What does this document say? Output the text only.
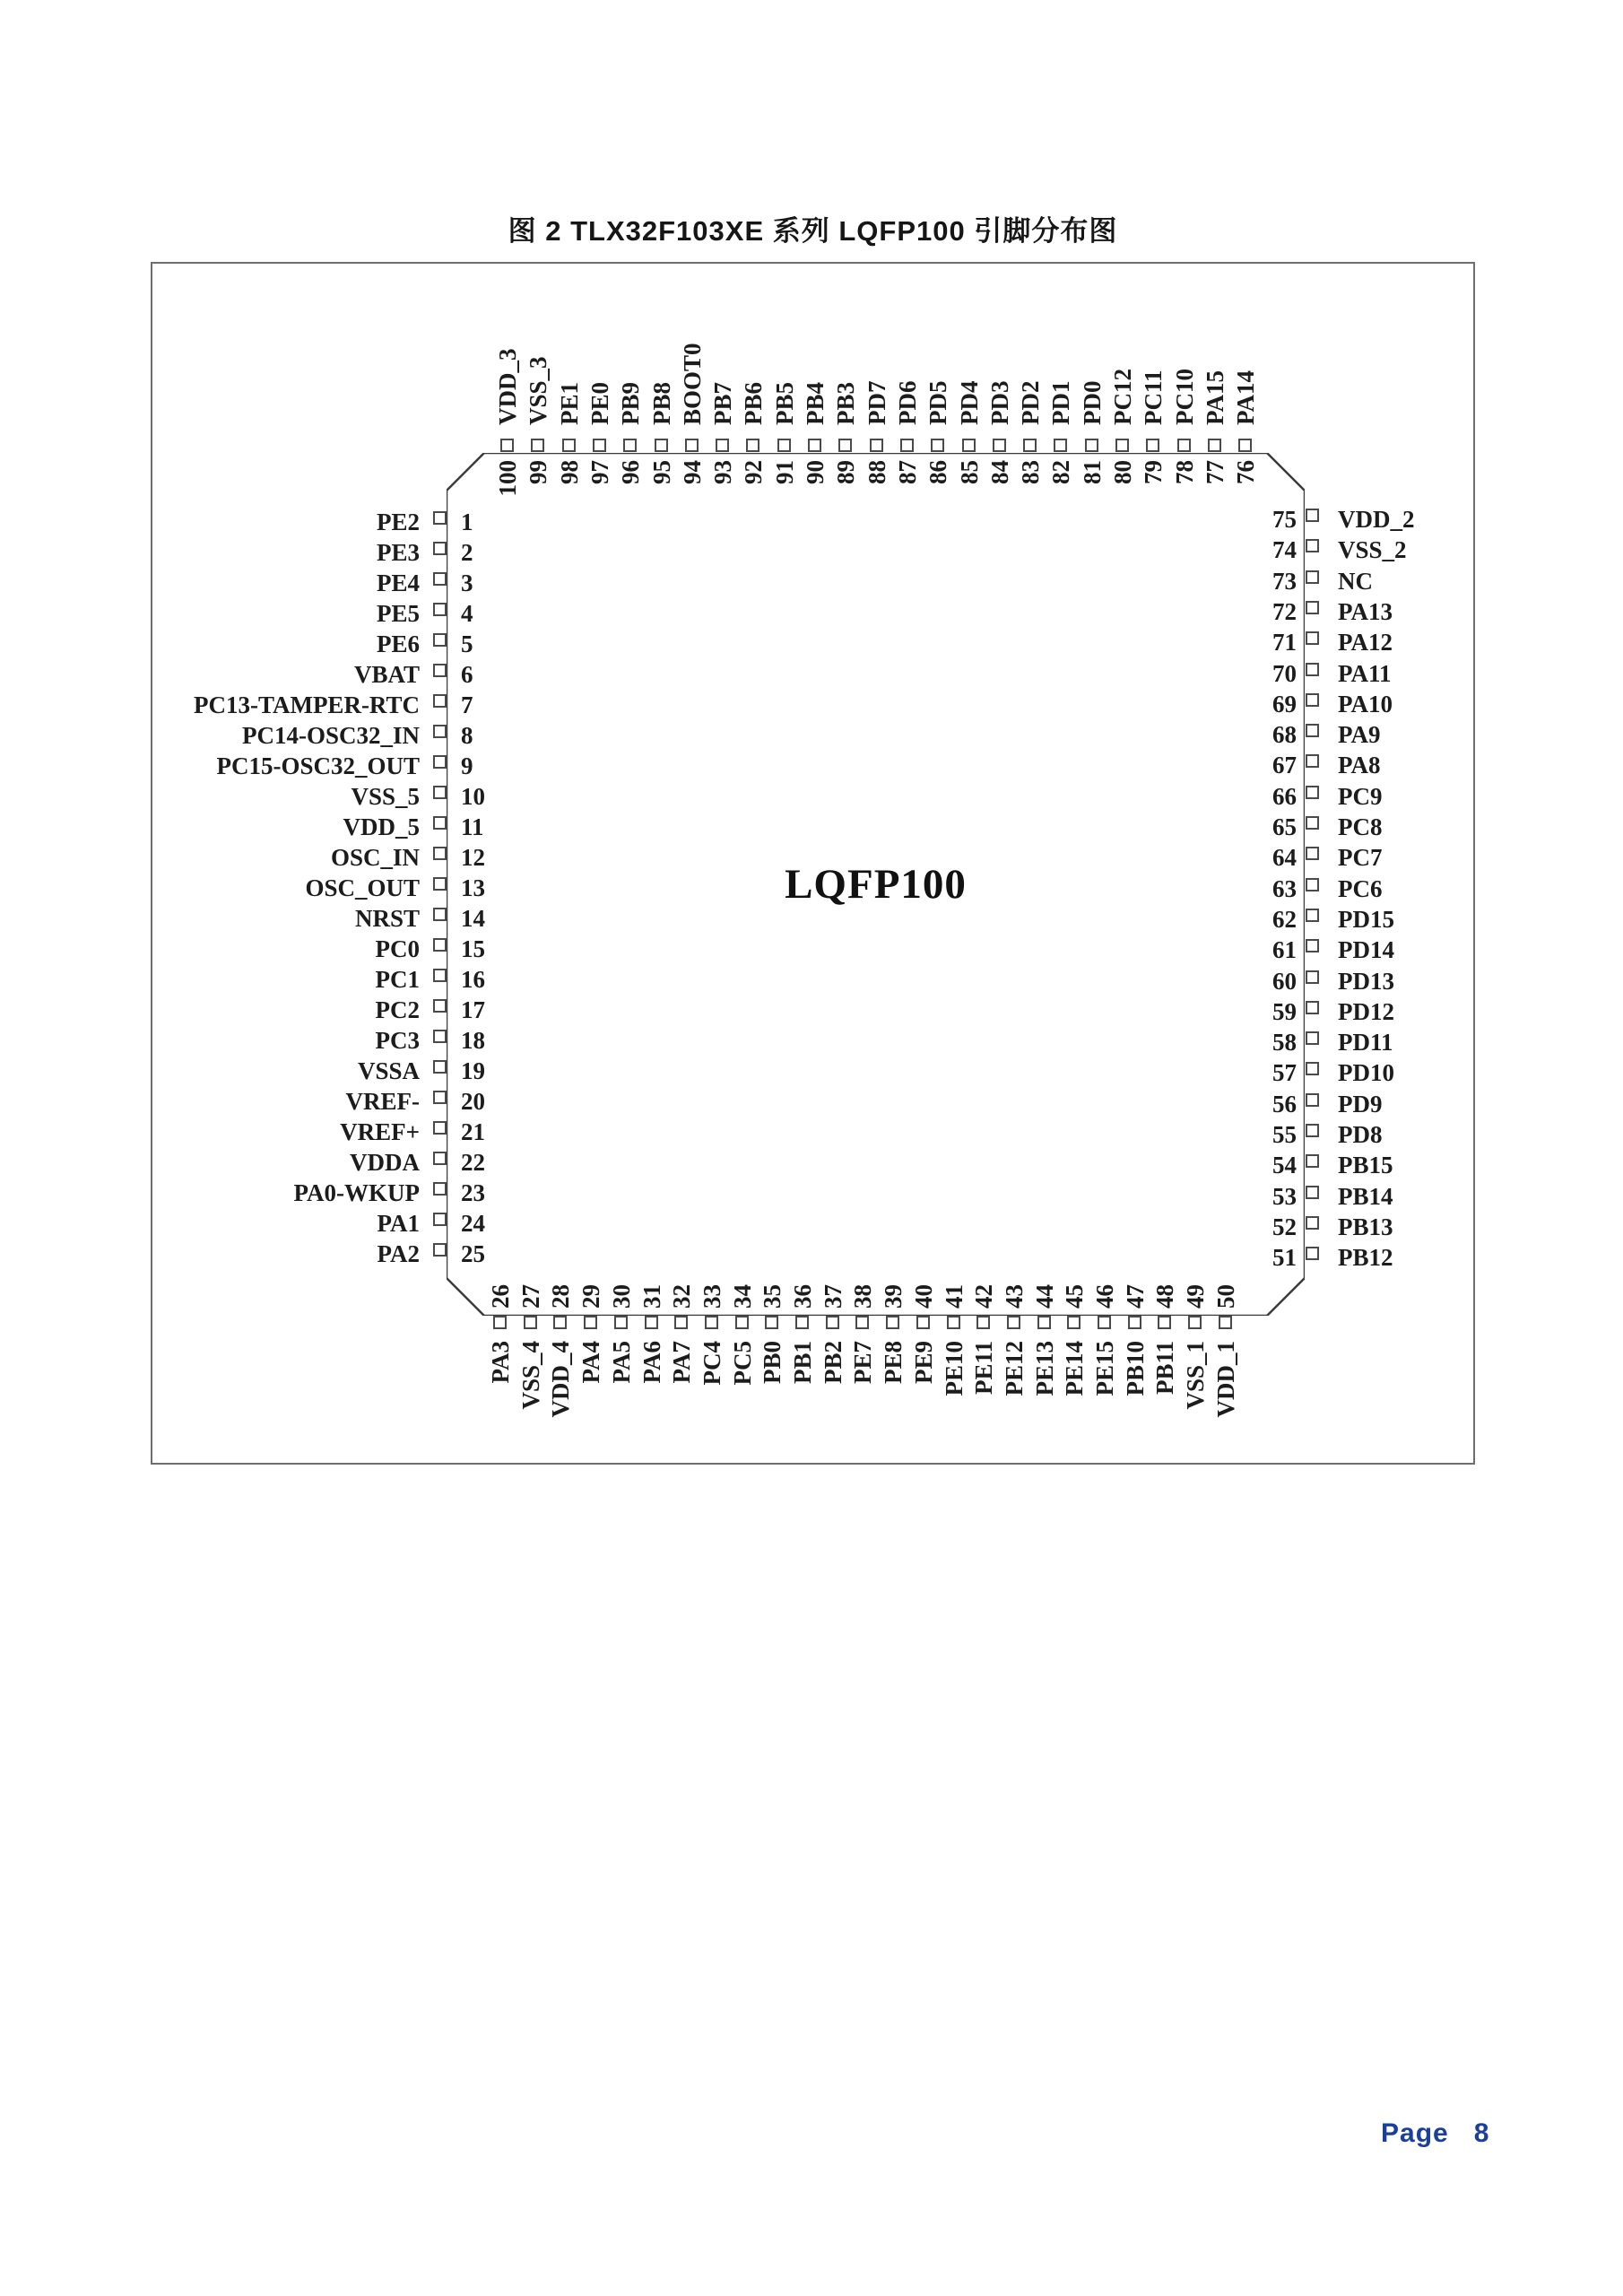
图 2 TLX32F103XE 系列 LQFP100 引脚分布图
LQFP100
100
VDD_3
99
VSS_3
98
PE1
97
PE0
96
PB9
95
PB8
94
BOOT0
93
PB7
92
PB6
91
PB5
90
PB4
89
PB3
88
PD7
87
PD6
86
PD5
85
PD4
84
PD3
83
PD2
82
PD1
81
PD0
80
PC12
79
PC11
78
PC10
77
PA15
76
PA14
26
PA3
27
VSS_4
28
VDD_4
29
PA4
30
PA5
31
PA6
32
PA7
33
PC4
34
PC5
35
PB0
36
PB1
37
PB2
38
PE7
39
PE8
40
PE9
41
PE10
42
PE11
43
PE12
44
PE13
45
PE14
46
PE15
47
PB10
48
PB11
49
VSS_1
50
VDD_1
1
PE2
2
PE3
3
PE4
4
PE5
5
PE6
6
VBAT
7
PC13-TAMPER-RTC
8
PC14-OSC32_IN
9
PC15-OSC32_OUT
10
VSS_5
11
VDD_5
12
OSC_IN
13
OSC_OUT
14
NRST
15
PC0
16
PC1
17
PC2
18
PC3
19
VSSA
20
VREF-
21
VREF+
22
VDDA
23
PA0-WKUP
24
PA1
25
PA2
75 VDD_2
74 VSS_2
73 NC
72 PA13
71 PA12
70 PA11
69 PA10
68 PA9
67 PA8
66 PC9
65 PC8
64 PC7
63 PC6
62 PD15
61 PD14
60 PD13
59 PD12
58 PD11
57 PD10
56 PD9
55 PD8
54 PB15
53 PB14
52 PB13
51 PB12
Page 8
